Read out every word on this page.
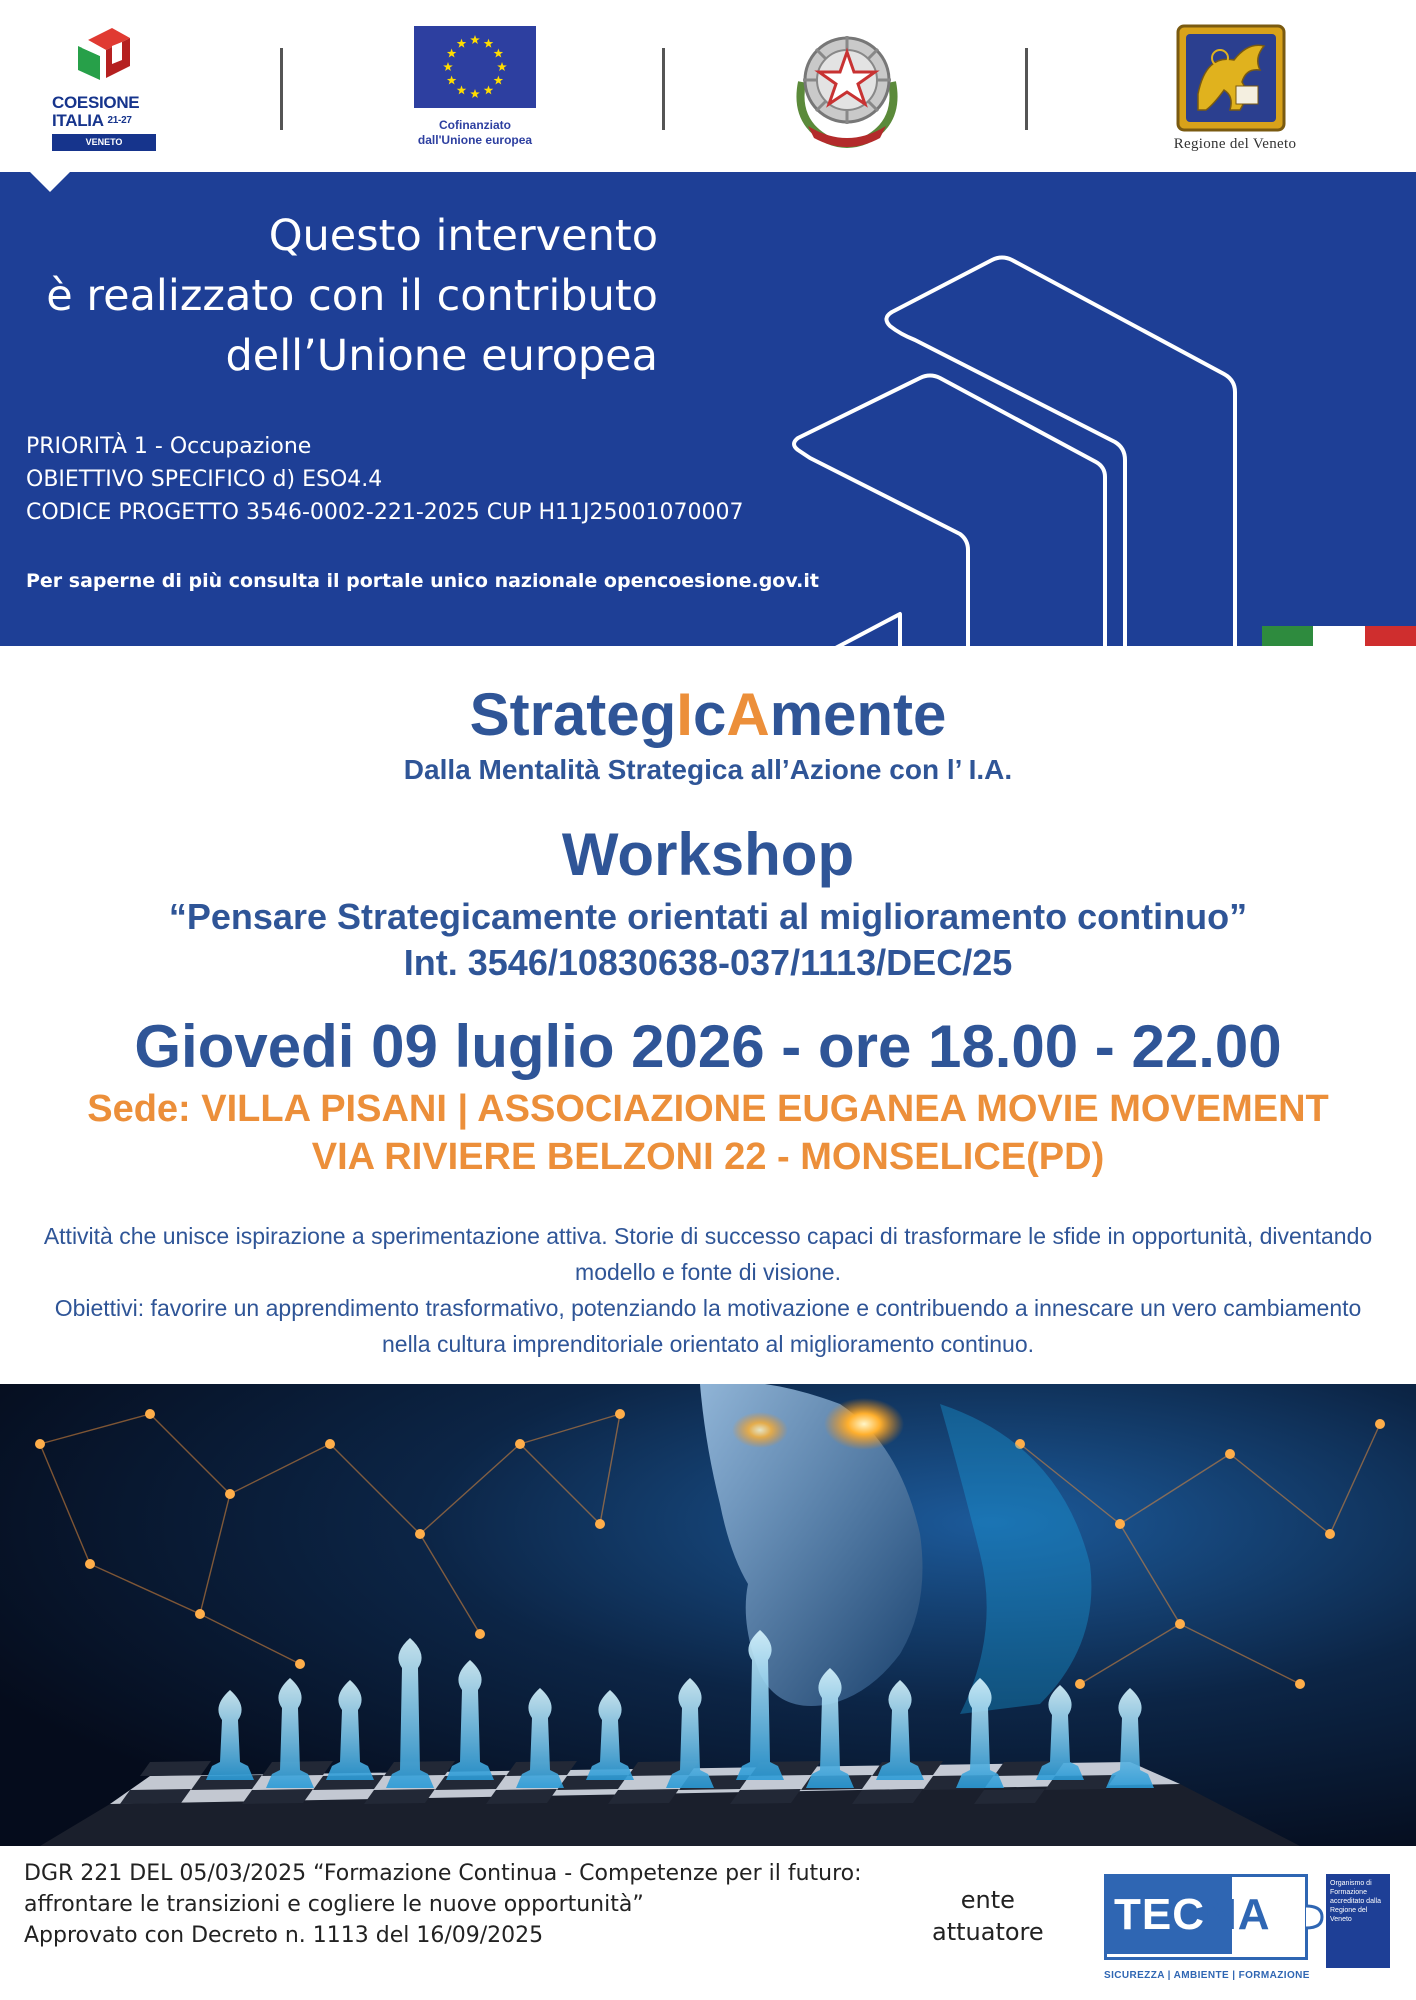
COESIONE
ITALIA $^{21-27}$
VENETO
Cofinanziato
dall'Unione europea	Regione del Veneto
Questo intervento
è realizzato con il contributo
dell’Unione europea
PRIORITÀ 1 - Occupazione
OBIETTIVO SPECIFICO d) ESO4.4
CODICE PROGETTO 3546-0002-221-2025 CUP H11J25001070007
Per saperne di più consulta il portale unico nazionale opencoesione.gov.it
StrategIcAmente
Dalla Mentalità Strategica all’Azione con l’ I.A.
Workshop
“Pensare Strategicamente orientati al miglioramento continuo”
Int. 3546/10830638-037/1113/DEC/25
Giovedi 09 luglio 2026 - ore 18.00 - 22.00
Sede: VILLA PISANI | ASSOCIAZIONE EUGANEA MOVIE MOVEMENT
VIA RIVIERE BELZONI 22 - MONSELICE(PD)

Attività che unisce ispirazione a sperimentazione attiva. Storie di successo capaci di trasformare le sfide in opportunità, diventando modello e fonte di visione.

Obiettivi: favorire un apprendimento trasformativo, potenziando la motivazione e contribuendo a innescare un vero cambiamento nella cultura imprenditoriale orientato al miglioramento continuo.

DGR 221 DEL 05/03/2025 “Formazione Continua - Competenze per il futuro:
affrontare le transizioni e cogliere le nuove opportunità”
Approvato con Decreto n. 1113 del 16/09/2025
ente
attuatore TECNA
SICUREZZA | AMBIENTE | FORMAZIONE
Organismo di Formazione accreditato dalla Regione del Veneto
